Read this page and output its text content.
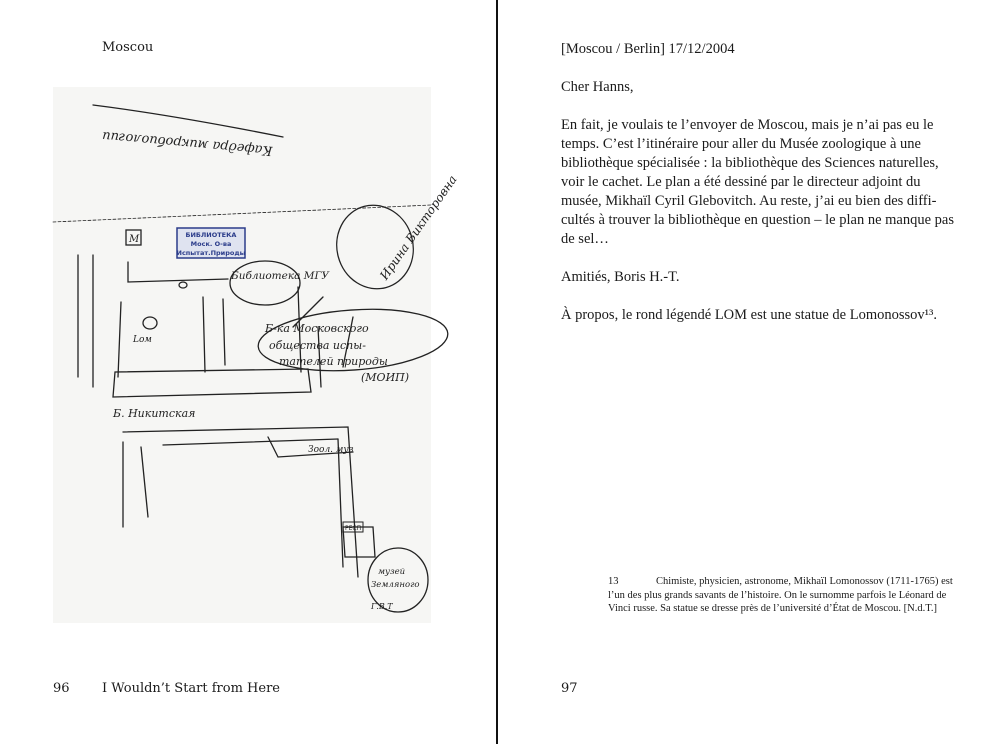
Moscou
БИБЛИОТЕКА
Моск. О-ва
Испытат.Природы
Кафедра микробиологии
М	Ирина Викторовна
Библиотека МГУ
Б-ка Московского
общества испы-
тателей природы
(МОИП)
Lом
Б. Никитская
Зоол. муз
РЕСП
музей
Земляного
Г.В.Т
96 I Wouldn’t Start from Here

[Moscou / Berlin] 17/12/2004

Cher Hanns,

En fait, je voulais te l’envoyer de Moscou, mais je n’ai pas eu le temps. C’est l’itinéraire pour aller du Musée zoologique à une bibliothèque spécialisée : la bibliothèque des Sciences naturelles, voir le cachet. Le plan a été dessiné par le directeur adjoint du musée, Mikhaïl Cyril Glebovitch. Au reste, j’ai eu bien des difficultés à trouver la bibliothèque en question – le plan ne manque pas de sel…

Amitiés, Boris H.-T.

À propos, le rond légendé LOM est une statue de Lomonossov¹³.

13	Chimiste, physicien, astronome, Mikhaïl Lomonossov (1711-1765) est l’un des plus grands savants de l’histoire. On le surnomme parfois le Léonard de Vinci russe. Sa statue se dresse près de l’université d’État de Moscou. [N.d.T.]
97
